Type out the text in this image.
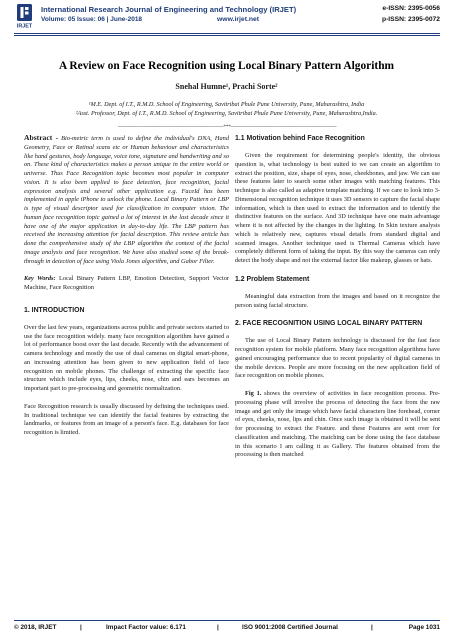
IRJET
International Research Journal of Engineering and Technology (IRJET)
Volume: 05 Issue: 06 | June-2018	www.irjet.net
e-ISSN: 2395-0056
p-ISSN: 2395-0072
A Review on Face Recognition using Local Binary Pattern Algorithm
Snehal Humne¹, Prachi Sorte²
¹M.E. Dept. of I.T., R.M.D. School of Engineering, Savitribai Phule Pune University, Pune, Maharashtra, India
²Asst. Professor, Dept. of I.T., R.M.D. School of Engineering, Savitribai Phule Pune University, Pune, Maharashtra,India.
---------------------------------------------------------------------***---------------------------------------------------------------------

Abstract - Bio-metric term is used to define the individual's DNA, Hand Geometry, Face or Retinal scans etc or Human behaviour and characteristics like hand gestures, body language, voice tone, signature and handwriting and so on. These kind of characteristics makes a person unique in the entire world or universe. Thus Face Recognition topic becomes most popular in computer vision. It is also been applied to face detection, face recognition, facial expression analysis and several other application e.g. FaceId has been implemented in apple iPhone to unlock the phone. Local Binary Pattern or LBP is type of visual descriptor used for classification in computer vision. The human face recognition topic gained a lot of interest in the last decade since it have one of the major application in day-to-day life. The LBP pattern has received the increasing attention for facial description. This review article has done the comprehensive study of the LBP algorithm the context of the facial image analysis and face recognition. We have also studied some of the break-through in detection of face using Viola Jones algorithm, and Gabor Filter.

Key Words: Local Binary Pattern LBP, Emotion Detection, Support Vector Machine, Face Recognition

1. INTRODUCTION

Over the last few years, organizations across public and private sectors started to use the face recognition widely. many face recognition algorithm have gained a lot of performance boost over the last decade. Recently with the advancement of camera technology and mostly the use of dual cameras on digital smart-phone, an increasing attention has been given to new application field of face recognition on mobile phones. The challenge of extracting the specific face structure which include eyes, lips, cheeks, nose, chin and ears becomes an important part to pre-processing and geometric normalization.

Face Recognition research is usually discussed by defining the techniques used. In traditional technique we can identify the facial features by extracting the landmarks, or features from an image of a person's face. E.g. databases for face recognition is limited.

1.1 Motivation behind Face Recognition

Given the requirement for determining people's identity, the obvious question is, what technology is best suited to we can create an algorithm to extract the position, size, shape of eyes, nose, cheekbones, and jaw. We can use these features later to search some other images with matching features. This technique is also called as adaptive template matching. If we care to look into 3-Dimensional recognition technique it uses 3D sensors to capture the facial shape information, which is then used to extract the information and to identify the distinctive features on the surface. And 3D technique have one main advantage where it is not affected by the changes in the lighting. In Skin texture analysis which is relatively new, captures visual details from standard digital and scanned images. Another technique used is Thermal Cameras which have completely different form of taking the input. By this way the cameras can only detect the body shape and not the external factor like makeup, glasses or hats.

1.2 Problem Statement

Meaningful data extraction from the images and based on it recognize the person using facial structure.

2. FACE RECOGNITION USING LOCAL BINARY PATTERN

The use of Local Binary Pattern technology is discussed for the fast face recognition system for mobile platform. Many face recognition algorithms have gained encouraging performance due to recent popularity of digital cameras in the mobile devices. People are more focusing on the new application field of face recognition on mobile phones.

Fig 1. shows the overview of activities in face recognition process. Pre-processing phase will involve the process of detecting the face from the raw image and get only the image which have facial characters line forehead, corner of eyes, cheeks, nose, lips and chin. Once such image is obtained it will be sent for processing to extract the Feature. and these Features are sent over for classification and matching. The matching can be done using the face database in this scenario I am calling it as Gallery. The features obtained from the processing is then matched

© 2018, IRJET	|	Impact Factor value: 6.171	|	ISO 9001:2008 Certified Journal	|	Page 1031
